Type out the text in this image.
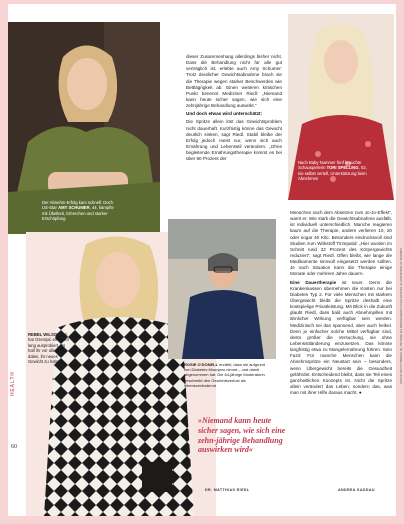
Der Abnehm-Erfolg kam schnell. Doch US-Star AMY SCHUMER, 44, kämpfte mit Übelkeit, Erbrechen und starker Erschöpfung
Nach Baby Nummer fünf brauchte Schauspielerin TORI SPELLING, 52, nie selbst vertell, Unterstützung beim Abnehmen
REBEL WILSON, 46, hat Ozempic eine Zeit lang ausprobiert. Es half ihr vor allem dabei, ihr neues Gewicht zu halten
ROSIE O'DONELL erzählt, dass sie aufgrund von Diabetes Mounjaro nimmt – und damit abgenommen hat. Die 64-jährige Moderatorin beschreibt den Gewichtsverlust als lebensverändernd

dieser Zusammenhang allerdings bisher nicht. Dass die Behandlung nicht für alle gut verträglich ist, erlebte auch Amy Schumer: Trotz deutlicher Gewichtsabnahme brach sie die Therapie wegen starker Beschwerden wie Bettlägrigkeit ab. Einen weiteren kritischen Punkt benennt Mediziner Riedl: „Niemand kann heute sicher sagen, wie sich eine zehnjährige Behandlung auswirkt.“

Und doch etwas wird unterschätzt:

Die Spritze allein löst das Gewichtsproblem nicht dauerhaft. Kurzfristig könne das Gewicht deutlich sinken, sagt Riedl. Stabil bleibe der Erfolg jedoch meist nur, wenn sich auch Ernährung und Lebensstil verändern. „Ohne begleitende Ernährungstherapie kommt es bei über 90 Prozent der

Menschen nach dem Absetzen zum Jo-Jo-Effekt“, warnt er. Wie stark die Gewichtsabnahme ausfällt, ist individuell unterschiedlich. Manche reagieren kaum auf die Therapie, andere verlieren 10, 20 oder sogar 40 Kilo. Besonders eindrucksvoll sind Studien zum Wirkstoff Tirzepatid: „Hier wurden im Schnitt rund 22 Prozent des Körpergewichts reduziert“, sagt Riedl. Offen bleibt, wie lange die Medikamente sinnvoll eingesetzt werden sollten. Je nach Situation kann die Therapie einige Monate oder mehrere Jahre dauern.

Eine Dauertherapie ist teuer. Denn die Krankenkassen übernehmen die Kosten nur bei Diabetes Typ 2. Für viele Menschen mit starkem Übergewicht bleibt die Spritze deshalb eine kostspielige Privatleistung. Mit Blick in die Zukunft glaubt Riedl, dass bald auch Abnehmpillen mit ähnlicher Wirkung verfügbar sein werden. Medizinisch sei das spannend, aber auch heikel. Denn je einfacher solche Mittel verfügbar sind, desto größer die Versuchung, sie ohne Lebensstiländerung einzusetzen. Das könnte langfristig etwa zu Mangelernährung führen. Sein Fazit: Für manche Menschen kann die Abnehmspritze ein Neustart sein – besonders, wenn Übergewicht bereits die Gesundheit gefährdet. Entscheidend bleibt, dass sie Teil eines ganzheitlichen Konzepts ist. Nicht die Spritze allein verändert das Leben, sondern das, was man mit ihrer Hilfe daraus macht. ●

»Niemand kann heute sicher sagen, wie sich eine zehn-jährige Behandlung auswirken wird«
DR. MATTHIAS RIEDL	ANDREA SADDAU
HEALTH
60
FOTOS: GETTY IMAGES (4), PICTURE ALLIANCE/EVERETT COLLECTION; ILLUSTRATION: M. SCHMIDT
